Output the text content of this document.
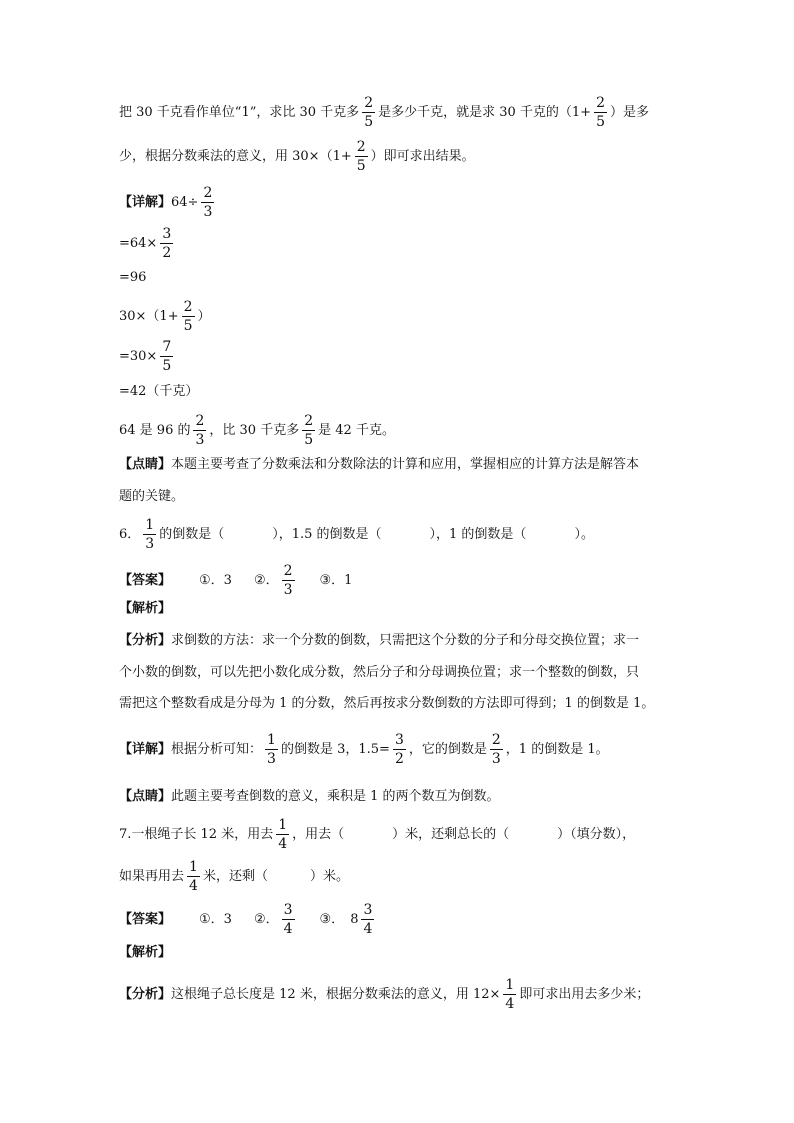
把 30 千克看作单位“1”，求比 30 千克多 $\frac{2}{5}$ 是多少千克，就是求 30 千克的（$1+ \frac{2}{5}$ ）是多
少，根据分数乘法的意义，用 $30\times(1+ \frac{2}{5}$ ）即可求出结果。
【详解】 $64\div \frac{2}{3}$
$=64\times \frac{3}{2}$
=96
$30\times(1+ \frac{2}{5}$ ）
$=30\times \frac{7}{5}$
=42（千克）
64 是 96 的 $\frac{2}{3}$ ，比 30 千克多 $\frac{2}{5}$ 是 42 千克。
【点睛】 本题主要考查了分数乘法和分数除法的计算和应用，掌握相应的计算方法是解答本
题的关键。
6． $\frac{1}{3}$ 的倒数是（	），1.5 的倒数是（	），1 的倒数是（	）。
【答案】 ①．3 ②． $\frac{2}{3}$ ③．1
【解析】
【分析】 求倒数的方法：求一个分数的倒数，只需把这个分数的分子和分母交换位置；求一
个小数的倒数，可以先把小数化成分数，然后分子和分母调换位置；求一个整数的倒数，只
需把这个整数看成是分母为 1 的分数，然后再按求分数倒数的方法即可得到；1 的倒数是 1。
【详解】 根据分析可知： $\frac{1}{3}$ 的倒数是 3，$1.5= \frac{3}{2}$ ，它的倒数是 $\frac{2}{3}$ ，1 的倒数是 1。
【点睛】 此题主要考查倒数的意义，乘积是 1 的两个数互为倒数。
7. 一根绳子长 12 米，用去 $\frac{1}{4}$ ，用去（	）米，还剩总长的（	）（填分数），
如果再用去 $\frac{1}{4}$ 米，还剩（	）米。
【答案】 ①．3 ②． $\frac{3}{4}$ ③． $8 \frac{3}{4}$
【解析】
【分析】 这根绳子总长度是 12 米，根据分数乘法的意义，用 $12\times \frac{1}{4}$ 即可求出用去多少米；
